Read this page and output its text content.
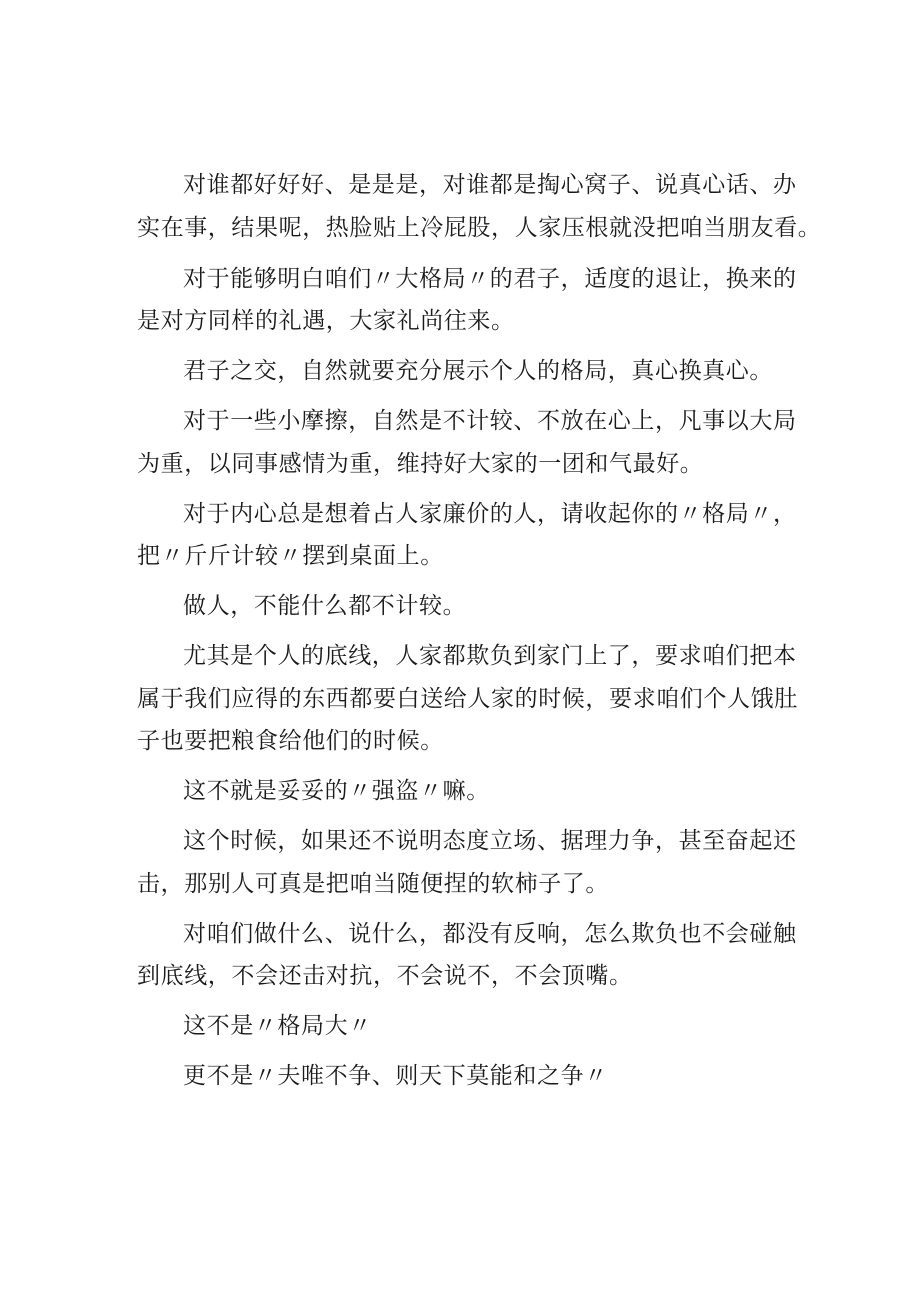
对谁都好好好、是是是，对谁都是掏心窝子、说真心话、办

实在事，结果呢，热脸贴上冷屁股，人家压根就没把咱当朋友看。

对于能够明白咱们〃大格局〃的君子，适度的退让，换来的

是对方同样的礼遇，大家礼尚往来。

君子之交，自然就要充分展示个人的格局，真心换真心。

对于一些小摩擦，自然是不计较、不放在心上，凡事以大局

为重，以同事感情为重，维持好大家的一团和气最好。

对于内心总是想着占人家廉价的人，请收起你的〃格局〃，

把〃斤斤计较〃摆到桌面上。

做人，不能什么都不计较。

尤其是个人的底线，人家都欺负到家门上了，要求咱们把本

属于我们应得的东西都要白送给人家的时候，要求咱们个人饿肚

子也要把粮食给他们的时候。

这不就是妥妥的〃强盗〃嘛。

这个时候，如果还不说明态度立场、据理力争，甚至奋起还

击，那别人可真是把咱当随便捏的软柿子了。

对咱们做什么、说什么，都没有反响，怎么欺负也不会碰触

到底线，不会还击对抗，不会说不，不会顶嘴。

这不是〃格局大〃

更不是〃夫唯不争、则天下莫能和之争〃
